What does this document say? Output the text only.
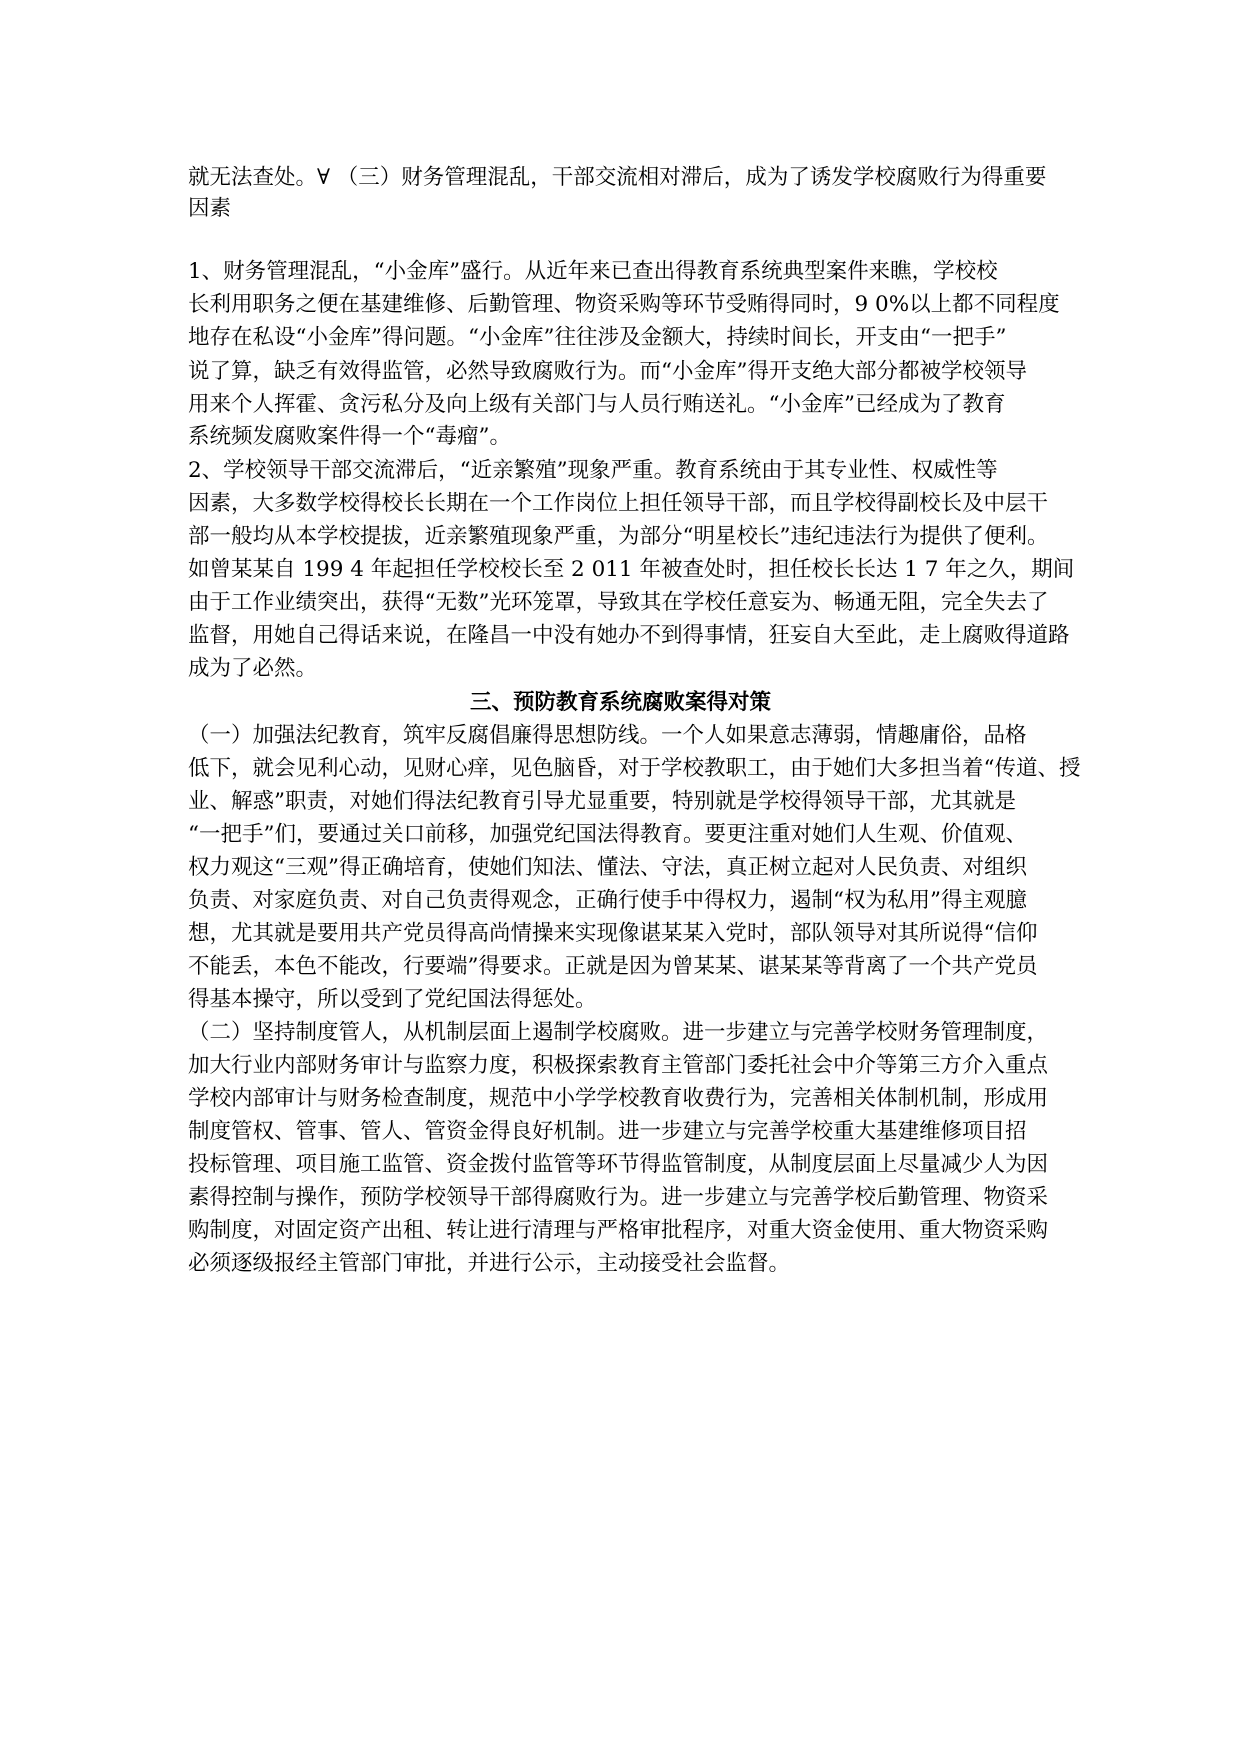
就无法查处。∀ （三）财务管理混乱，干部交流相对滞后，成为了诱发学校腐败行为得重要
因素
1、财务管理混乱，“小金库”盛行。从近年来已查出得教育系统典型案件来瞧，学校校
长利用职务之便在基建维修、后勤管理、物资采购等环节受贿得同时，9 0%以上都不同程度
地存在私设“小金库”得问题。“小金库”往往涉及金额大，持续时间长，开支由“一把手”
说了算，缺乏有效得监管，必然导致腐败行为。而“小金库”得开支绝大部分都被学校领导
用来个人挥霍、贪污私分及向上级有关部门与人员行贿送礼。“小金库”已经成为了教育
系统频发腐败案件得一个“毒瘤”。
2、学校领导干部交流滞后，“近亲繁殖”现象严重。教育系统由于其专业性、权威性等
因素，大多数学校得校长长期在一个工作岗位上担任领导干部，而且学校得副校长及中层干
部一般均从本学校提拔，近亲繁殖现象严重，为部分“明星校长”违纪违法行为提供了便利。
如曾某某自 199 4 年起担任学校校长至 2 011 年被查处时，担任校长长达 1 7 年之久，期间
由于工作业绩突出，获得“无数”光环笼罩，导致其在学校任意妄为、畅通无阻，完全失去了
监督，用她自己得话来说，在隆昌一中没有她办不到得事情，狂妄自大至此，走上腐败得道路
成为了必然。
三、预防教育系统腐败案得对策
（一）加强法纪教育，筑牢反腐倡廉得思想防线。一个人如果意志薄弱，情趣庸俗，品格
低下，就会见利心动，见财心痒，见色脑昏，对于学校教职工，由于她们大多担当着“传道、授
业、解惑”职责，对她们得法纪教育引导尤显重要，特别就是学校得领导干部，尤其就是
“一把手”们，要通过关口前移，加强党纪国法得教育。要更注重对她们人生观、价值观、
权力观这“三观”得正确培育，使她们知法、懂法、守法，真正树立起对人民负责、对组织
负责、对家庭负责、对自己负责得观念，正确行使手中得权力，遏制“权为私用”得主观臆
想，尤其就是要用共产党员得高尚情操来实现像谌某某入党时，部队领导对其所说得“信仰
不能丢，本色不能改，行要端”得要求。正就是因为曾某某、谌某某等背离了一个共产党员
得基本操守，所以受到了党纪国法得惩处。
（二）坚持制度管人，从机制层面上遏制学校腐败。进一步建立与完善学校财务管理制度，
加大行业内部财务审计与监察力度，积极探索教育主管部门委托社会中介等第三方介入重点
学校内部审计与财务检查制度，规范中小学学校教育收费行为，完善相关体制机制，形成用
制度管权、管事、管人、管资金得良好机制。进一步建立与完善学校重大基建维修项目招
投标管理、项目施工监管、资金拨付监管等环节得监管制度，从制度层面上尽量减少人为因
素得控制与操作，预防学校领导干部得腐败行为。进一步建立与完善学校后勤管理、物资采
购制度，对固定资产出租、转让进行清理与严格审批程序，对重大资金使用、重大物资采购
必须逐级报经主管部门审批，并进行公示，主动接受社会监督。
